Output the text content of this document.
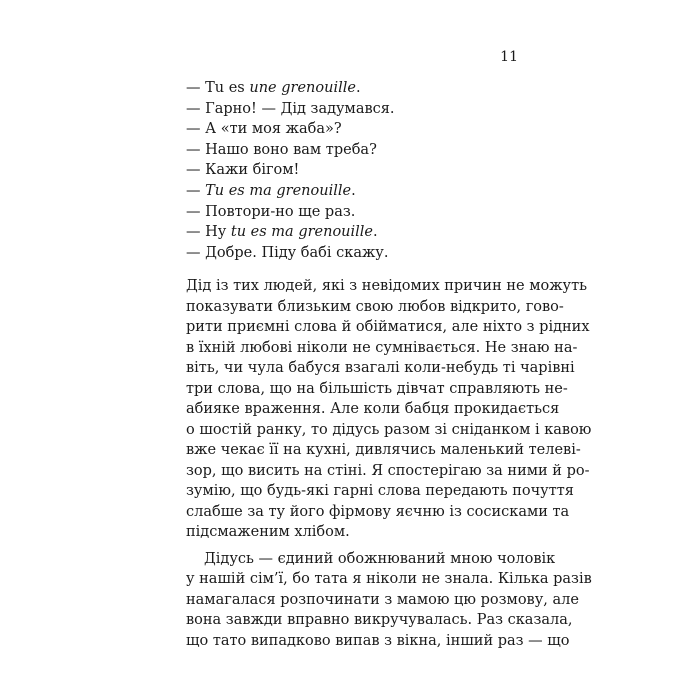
11
— Tu es une grenouille.
— Гарно! — Дід задумався.
— А «ти моя жаба»?
— Нашо воно вам треба?
— Кажи бігом!
— Tu es ma grenouille.
— Повтори-но ще раз.
— Ну tu es ma grenouille.
— Добре. Піду бабі скажу.
Дід із тих людей, які з невідомих причин не можуть
показувати близьким свою любов відкрито, гово-
рити приємні слова й обійматися, але ніхто з рідних
в їхній любові ніколи не сумнівається. Не знаю на-
віть, чи чула бабуся взагалі коли-небудь ті чарівні
три слова, що на більшість дівчат справляють не-
абияке враження. Але коли бабця прокидається
о шостій ранку, то дідусь разом зі сніданком і кавою
вже чекає її на кухні, дивлячись маленький телеві-
зор, що висить на стіні. Я спостерігаю за ними й ро-
зумію, що будь-які гарні слова передають почуття
слабше за ту його фірмову яєчню із сосисками та
підсмаженим хлібом.
Дідусь — єдиний обожнюваний мною чоловік
у нашій сім’ї, бо тата я ніколи не знала. Кілька разів
намагалася розпочинати з мамою цю розмову, але
вона завжди вправно викручувалась. Раз сказала,
що тато випадково випав з вікна, інший раз — що
